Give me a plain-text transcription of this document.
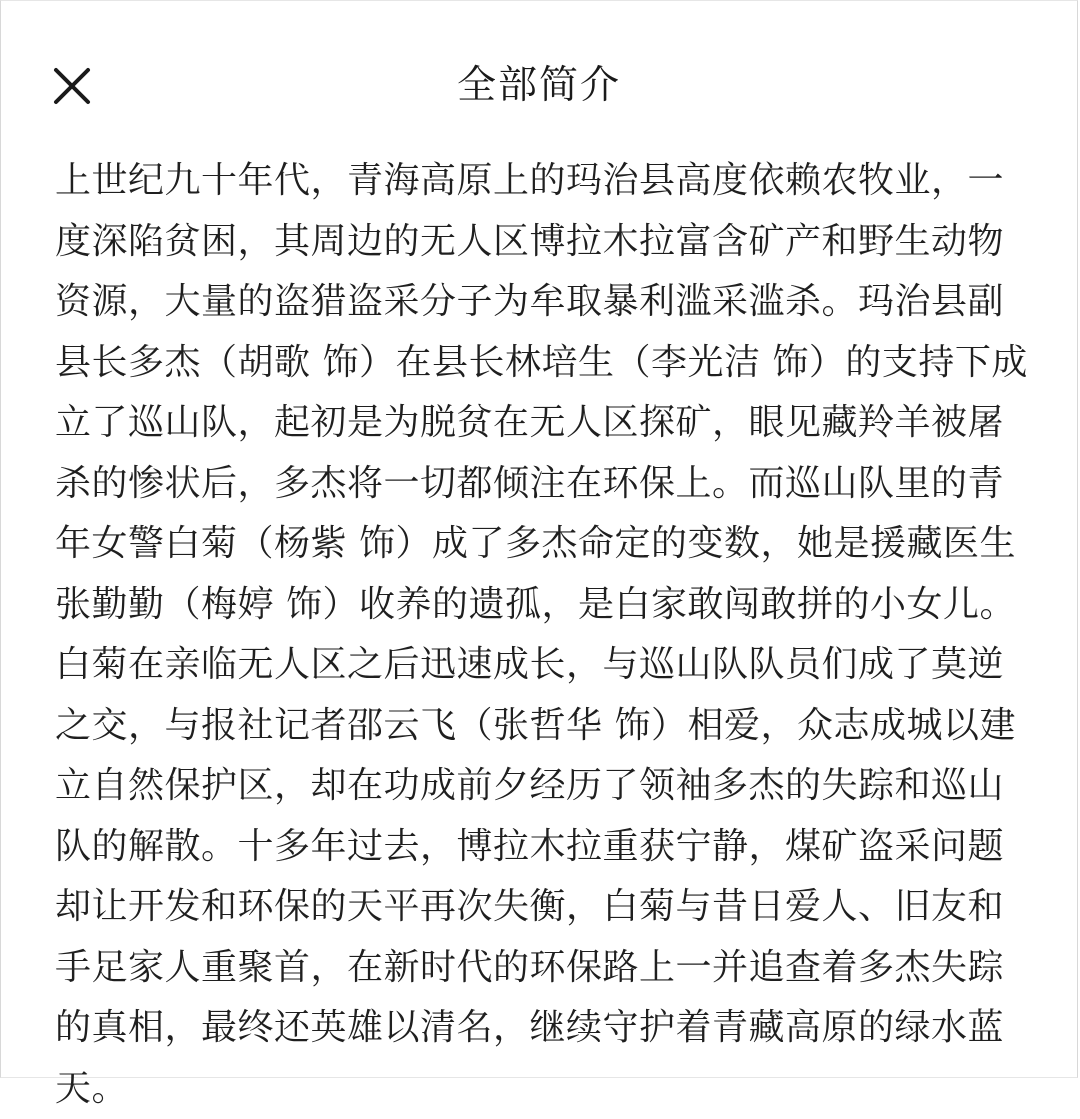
全部简介

上世纪九十年代，青海高原上的玛治县高度依赖农牧业，一度深陷贫困，其周边的无人区博拉木拉富含矿产和野生动物资源，大量的盗猎盗采分子为牟取暴利滥采滥杀。玛治县副县长多杰（胡歌 饰）在县长林培生（李光洁 饰）的支持下成立了巡山队，起初是为脱贫在无人区探矿，眼见藏羚羊被屠杀的惨状后，多杰将一切都倾注在环保上。而巡山队里的青年女警白菊（杨紫 饰）成了多杰命定的变数，她是援藏医生张勤勤（梅婷 饰）收养的遗孤，是白家敢闯敢拼的小女儿。白菊在亲临无人区之后迅速成长，与巡山队队员们成了莫逆之交，与报社记者邵云飞（张哲华 饰）相爱，众志成城以建立自然保护区，却在功成前夕经历了领袖多杰的失踪和巡山队的解散。十多年过去，博拉木拉重获宁静，煤矿盗采问题却让开发和环保的天平再次失衡，白菊与昔日爱人、旧友和手足家人重聚首，在新时代的环保路上一并追查着多杰失踪的真相，最终还英雄以清名，继续守护着青藏高原的绿水蓝天。
